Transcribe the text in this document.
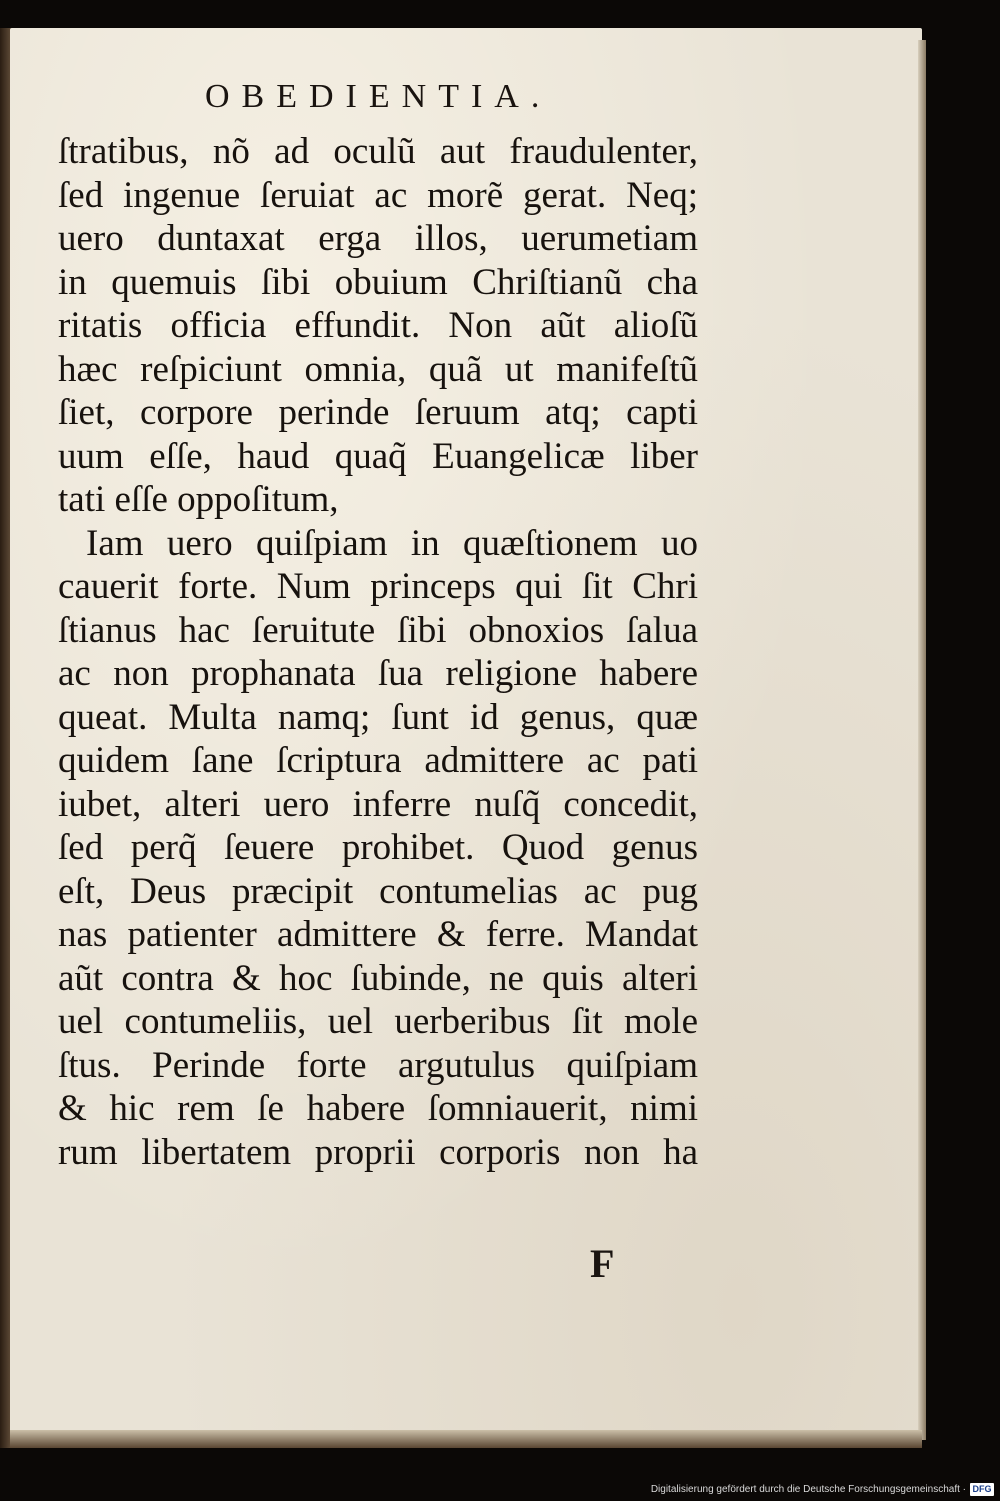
OBEDIENTIA.
ſtratibus, nõ ad oculũ aut fraudulenter,
ſed ingenue ſeruiat ac morẽ gerat. Neq;
uero duntaxat erga illos, uerumetiam
in quemuis ſibi obuium Chriſtianũ cha
ritatis officia effundit. Non aũt alioſũ
hæc reſpiciunt omnia, quã ut manifeſtũ
ſiet, corpore perinde ſeruum atq; capti
uum eſſe, haud quaq̃ Euangelicæ liber
tati eſſe oppoſitum,
Iam uero quiſpiam in quæſtionem uo
cauerit forte. Num princeps qui ſit Chri
ſtianus hac ſeruitute ſibi obnoxios ſalua
ac non prophanata ſua religione habere
queat. Multa namq; ſunt id genus, quæ
quidem ſane ſcriptura admittere ac pati
iubet, alteri uero inferre nuſq̃ concedit,
ſed perq̃ ſeuere prohibet. Quod genus
eſt, Deus præcipit contumelias ac pug
nas patienter admittere & ferre. Mandat
aũt contra & hoc ſubinde, ne quis alteri
uel contumeliis, uel uerberibus ſit mole
ſtus. Perinde forte argutulus quiſpiam
& hic rem ſe habere ſomniauerit, nimi
rum libertatem proprii corporis non ha
F
Digitalisierung gefördert durch die Deutsche Forschungsgemeinschaft · DFG
